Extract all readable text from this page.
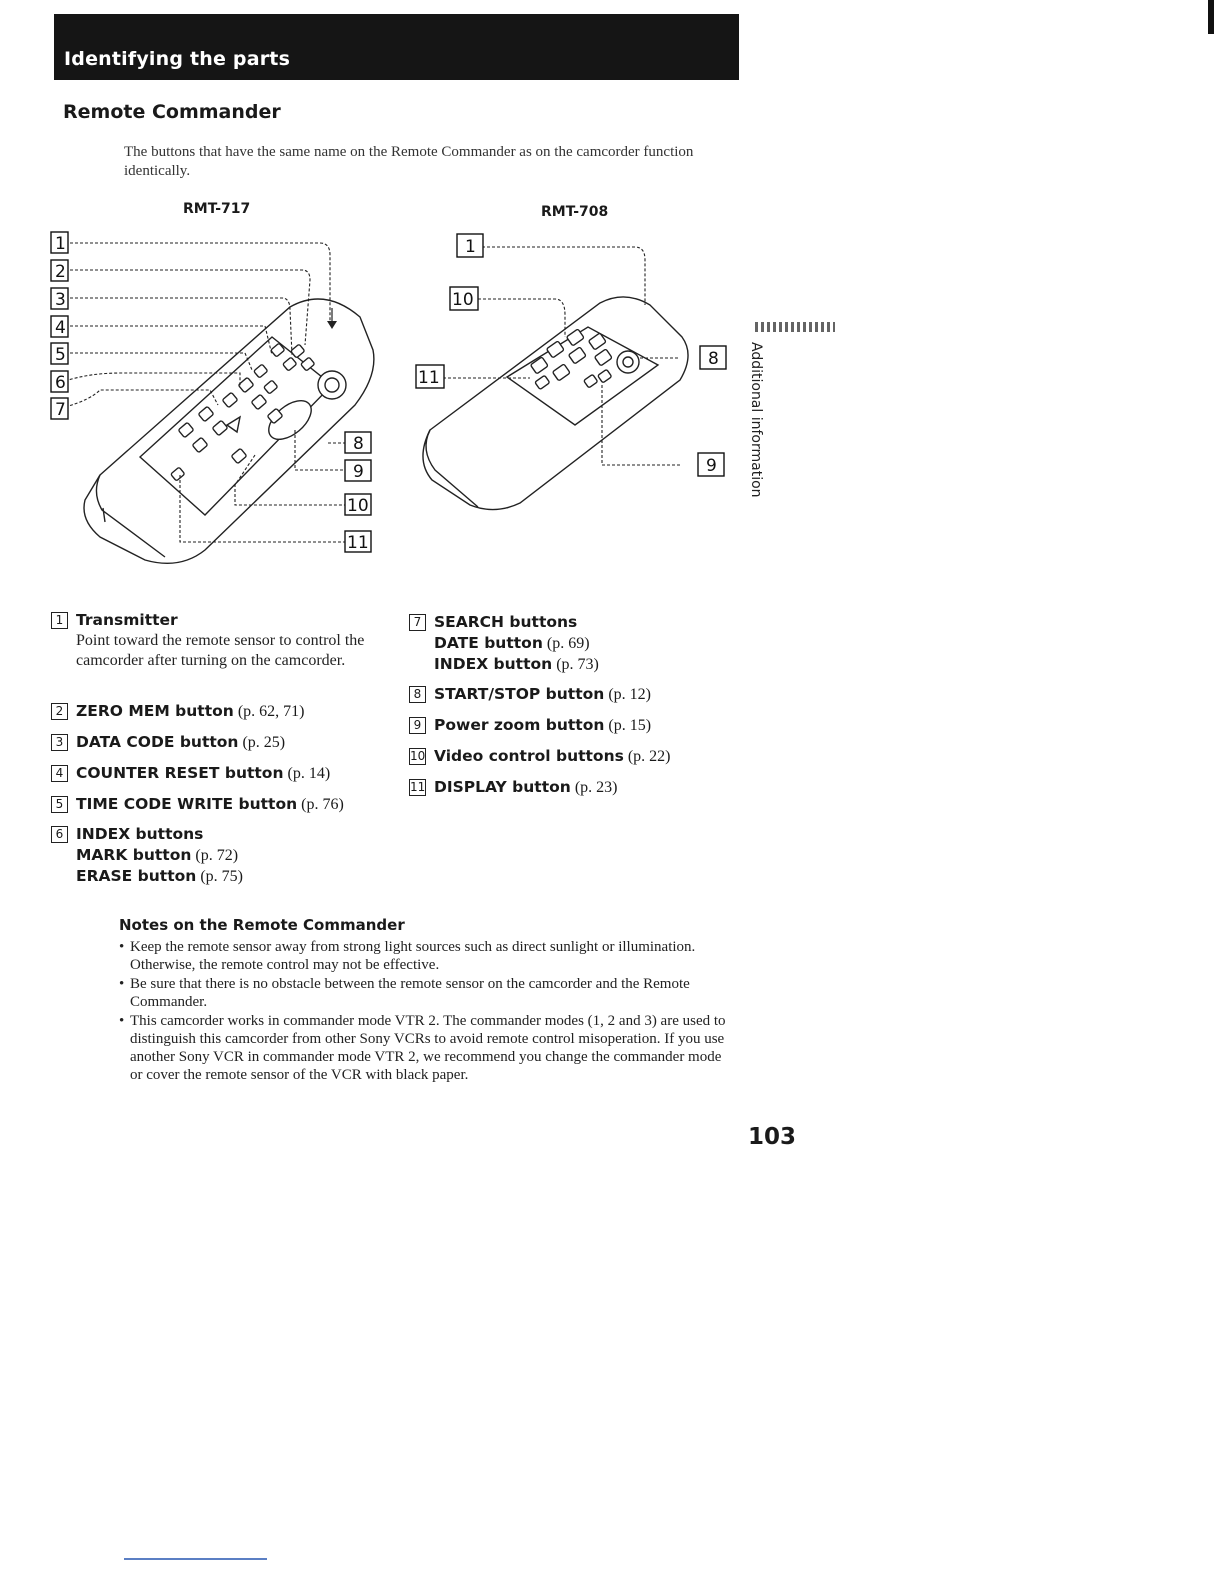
Identifying the parts
Remote Commander
The buttons that have the same name on the Remote Commander as on the camcorder function identically.
RMT-717	RMT-708
1
2
3
4
5
6
7
8
9
10
11
1
10
11
8
9 Additional information
1 Transmitter
Point toward the remote sensor to control the camcorder after turning on the camcorder.
2 ZERO MEM button (p. 62, 71)
3 DATA CODE button (p. 25)
4 COUNTER RESET button (p. 14)
5 TIME CODE WRITE button (p. 76)
6 INDEX buttons
MARK button (p. 72)
ERASE button (p. 75)
7 SEARCH buttons
DATE button (p. 69)
INDEX button (p. 73)
8 START/STOP button (p. 12)
9 Power zoom button (p. 15)
10 Video control buttons (p. 22)
11 DISPLAY button (p. 23)
Notes on the Remote Commander
• Keep the remote sensor away from strong light sources such as direct sunlight or illumination. Otherwise, the remote control may not be effective.
• Be sure that there is no obstacle between the remote sensor on the camcorder and the Remote Commander.
• This camcorder works in commander mode VTR 2. The commander modes (1, 2 and 3) are used to distinguish this camcorder from other Sony VCRs to avoid remote control misoperation. If you use another Sony VCR in commander mode VTR 2, we recommend you change the commander mode or cover the remote sensor of the VCR with black paper.
103
